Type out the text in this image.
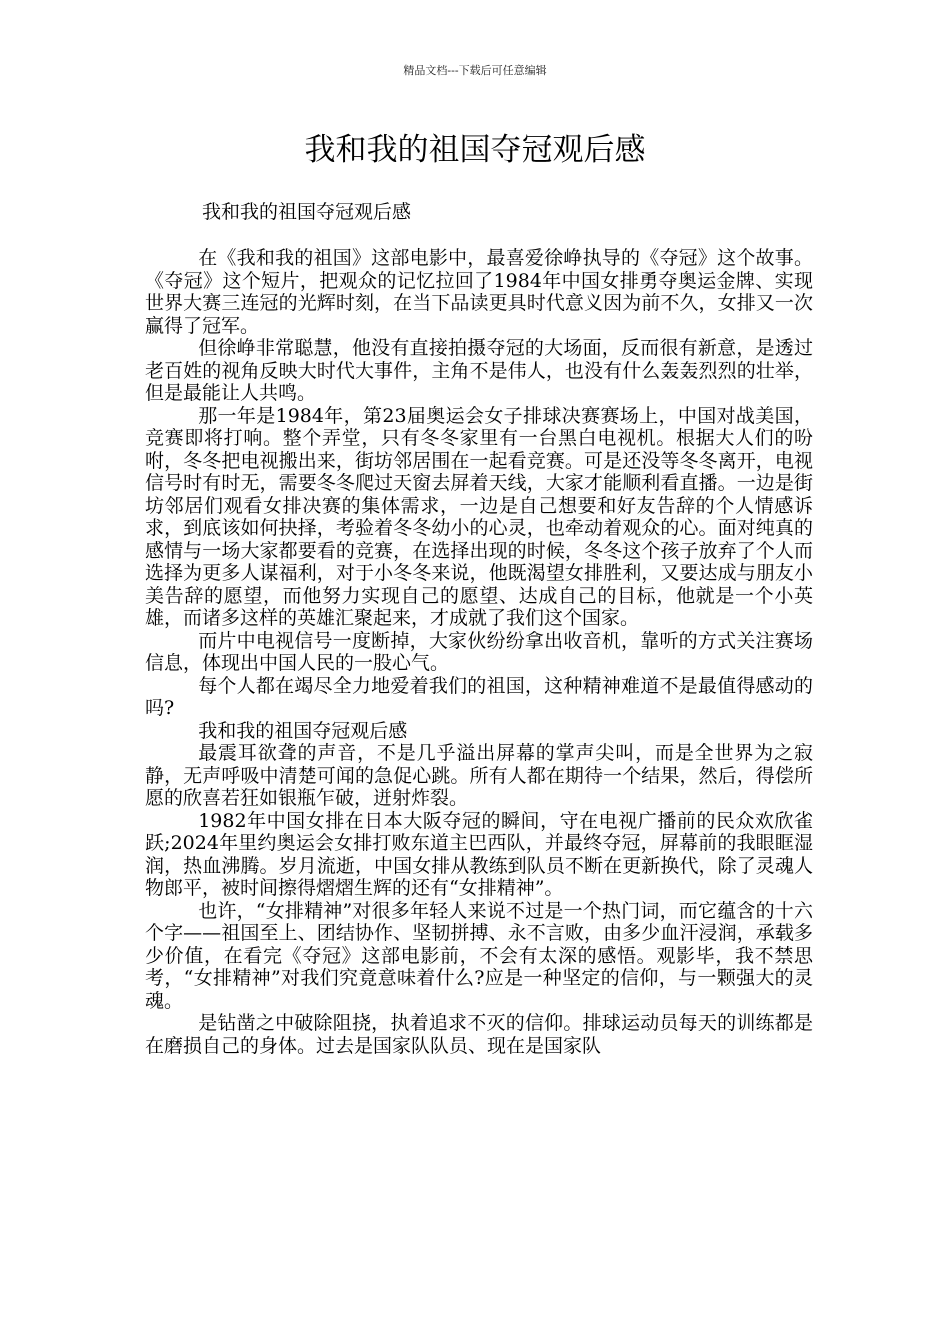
精品文档---下载后可任意编辑
我和我的祖国夺冠观后感

我和我的祖国夺冠观后感

在《我和我的祖国》这部电影中，最喜爱徐峥执导的《夺冠》这个故事。《夺冠》这个短片，把观众的记忆拉回了1984年中国女排勇夺奥运金牌、实现世界大赛三连冠的光辉时刻，在当下品读更具时代意义因为前不久，女排又一次赢得了冠军。

但徐峥非常聪慧，他没有直接拍摄夺冠的大场面，反而很有新意，是透过老百姓的视角反映大时代大事件，主角不是伟人，也没有什么轰轰烈烈的壮举，但是最能让人共鸣。

那一年是1984年，第23届奥运会女子排球决赛赛场上，中国对战美国，竞赛即将打响。整个弄堂，只有冬冬家里有一台黑白电视机。根据大人们的吩咐，冬冬把电视搬出来，街坊邻居围在一起看竞赛。可是还没等冬冬离开，电视信号时有时无，需要冬冬爬过天窗去屏着天线，大家才能顺利看直播。一边是街坊邻居们观看女排决赛的集体需求，一边是自己想要和好友告辞的个人情感诉求，到底该如何抉择，考验着冬冬幼小的心灵，也牵动着观众的心。面对纯真的感情与一场大家都要看的竞赛，在选择出现的时候，冬冬这个孩子放弃了个人而选择为更多人谋福利，对于小冬冬来说，他既渴望女排胜利，又要达成与朋友小美告辞的愿望，而他努力实现自己的愿望、达成自己的目标，他就是一个小英雄，而诸多这样的英雄汇聚起来，才成就了我们这个国家。

而片中电视信号一度断掉，大家伙纷纷拿出收音机，靠听的方式关注赛场信息，体现出中国人民的一股心气。

每个人都在竭尽全力地爱着我们的祖国，这种精神难道不是最值得感动的吗?

我和我的祖国夺冠观后感

最震耳欲聋的声音，不是几乎溢出屏幕的掌声尖叫，而是全世界为之寂静，无声呼吸中清楚可闻的急促心跳。所有人都在期待一个结果，然后，得偿所愿的欣喜若狂如银瓶乍破，迸射炸裂。

1982年中国女排在日本大阪夺冠的瞬间，守在电视广播前的民众欢欣雀跃;2024年里约奥运会女排打败东道主巴西队，并最终夺冠，屏幕前的我眼眶湿润，热血沸腾。岁月流逝，中国女排从教练到队员不断在更新换代，除了灵魂人物郎平，被时间擦得熠熠生辉的还有“女排精神”。

也许，“女排精神”对很多年轻人来说不过是一个热门词，而它蕴含的十六个字——祖国至上、团结协作、坚韧拼搏、永不言败，由多少血汗浸润，承载多少价值，在看完《夺冠》这部电影前，不会有太深的感悟。观影毕，我不禁思考，“女排精神”对我们究竟意味着什么?应是一种坚定的信仰，与一颗强大的灵魂。

是钻凿之中破除阻挠，执着追求不灭的信仰。排球运动员每天的训练都是在磨损自己的身体。过去是国家队队员、现在是国家队
